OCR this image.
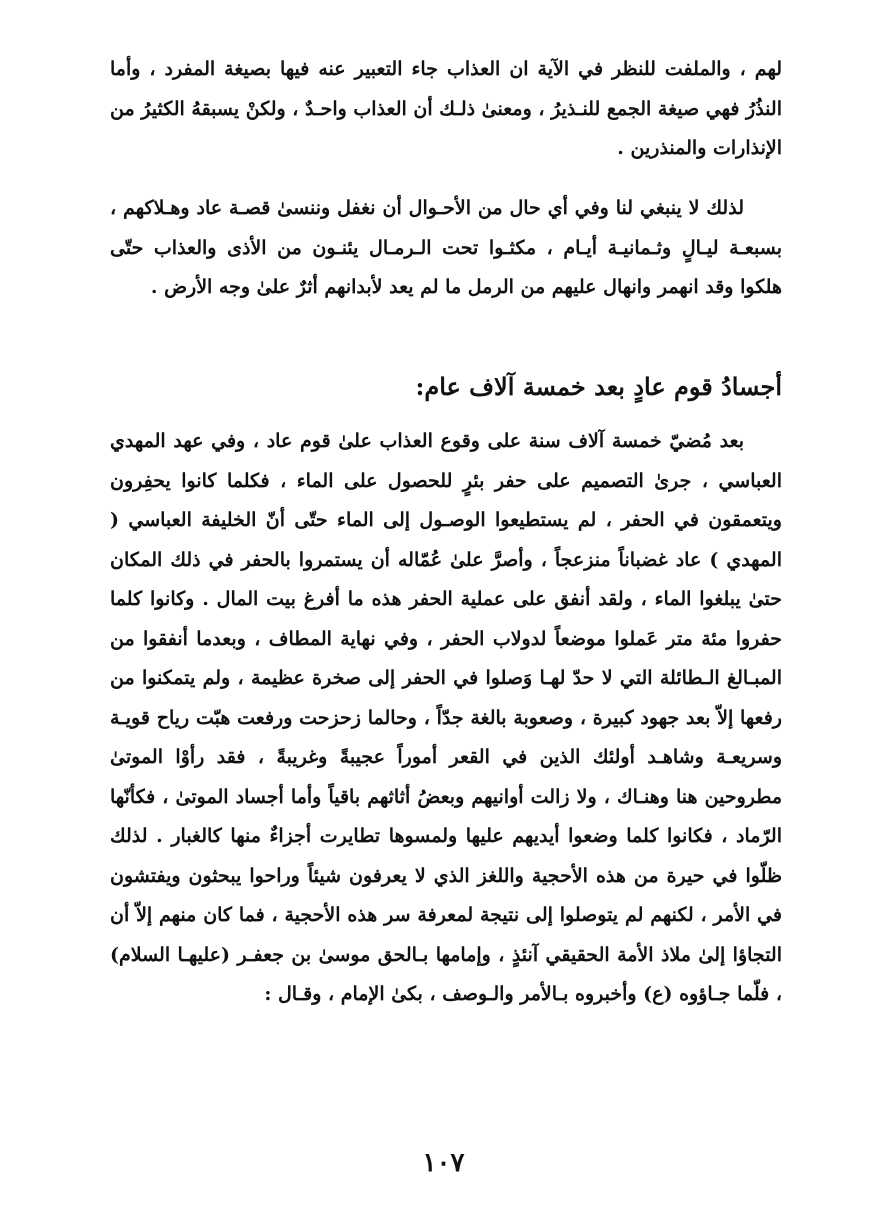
لهم ، والملفت للنظر في الآية ان العذاب جاء التعبير عنه فيها بصيغة المفرد ، وأما النذُرُ فهي صيغة الجمع للنـذيرُ ، ومعنىٰ ذلـك أن العذاب واحـدٌ ، ولكنْ يسبقهُ الكثيرُ من الإنذارات والمنذرين .

لذلك لا ينبغي لنا وفي أي حال من الأحـوال أن نغفل وننسىٰ قصـة عاد وهـلاكهم ، بسبعـة ليـالٍ وثـمانيـة أيـام ، مكثـوا تحت الـرمـال يئنـون من الأذى والعذاب حتّى هلكوا وقد انهمر وانهال عليهم من الرمل ما لم يعد لأبدانهم أثرٌ علىٰ وجه الأرض .

أجسادُ قوم عادٍ بعد خمسة آلاف عام:

بعد مُضيّ خمسة آلاف سنة على وقوع العذاب علىٰ قوم عاد ، وفي عهد المهدي العباسي ، جرىٰ التصميم على حفر بئرٍ للحصول على الماء ، فكلما كانوا يحفِرون ويتعمقون في الحفر ، لم يستطيعوا الوصـول إلى الماء حتّى أنّ الخليفة العباسي ( المهدي ) عاد غضباناً منزعجاً ، وأصرَّ علىٰ عُمّاله أن يستمروا بالحفر في ذلك المكان حتىٰ يبلغوا الماء ، ولقد أنفق على عملية الحفر هذه ما أفرغ بيت المال . وكانوا كلما حفروا مئة متر عَملوا موضعاً لدولاب الحفر ، وفي نهاية المطاف ، وبعدما أنفقوا من المبـالغ الـطائلة التي لا حدّ لهـا وَصلوا في الحفر إلى صخرة عظيمة ، ولم يتمكنوا من رفعها إلاّ بعد جهود كبيرة ، وصعوبة بالغة جدّاً ، وحالما زحزحت ورفعت هبّت رياح قويـة وسريعـة وشاهـد أولئك الذين في القعر أموراً عجيبةً وغريبةً ، فقد رأوْا الموتىٰ مطروحين هنا وهنـاك ، ولا زالت أوانيهم وبعضُ أثاثهم باقياً وأما أجساد الموتىٰ ، فكأنّها الرّماد ، فكانوا كلما وضعوا أيديهم عليها ولمسوها تطايرت أجزاءٌ منها كالغبار . لذلك ظلّوا في حيرة من هذه الأحجية واللغز الذي لا يعرفون شيئاً وراحوا يبحثون ويفتشون في الأمر ، لكنهم لم يتوصلوا إلى نتيجة لمعرفة سر هذه الأحجية ، فما كان منهم إلاّ أن التجاؤا إلىٰ ملاذ الأمة الحقيقي آنئذٍ ، وإمامها بـالحق موسىٰ بن جعفـر (عليهـا السلام) ، فلّما جـاؤوه (ع) وأخبروه بـالأمر والـوصف ، بكىٰ الإمام ، وقـال :

١٠٧
